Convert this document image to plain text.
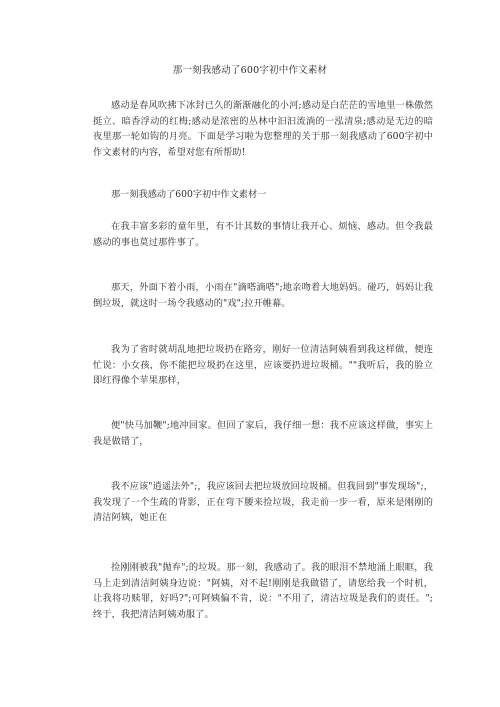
那一刻我感动了600字初中作文素材
感动是春风吹拂下冰封已久的渐渐融化的小河;感动是白茫茫的雪地里一株傲然挺立、暗香浮动的红梅;感动是浓密的丛林中汩汩流淌的一泓清泉;感动是无边的暗夜里那一轮如钩的月亮。下面是学习啦为您整理的关于那一刻我感动了600字初中作文素材的内容，希望对您有所帮助!
那一刻我感动了600字初中作文素材一
在我丰富多彩的童年里，有不计其数的事情让我开心、烦恼、感动。但令我最感动的事也莫过那件事了。
那天，外面下着小雨，小雨在"滴嗒滴嗒";地亲吻着大地妈妈。碰巧，妈妈让我倒垃圾，就这时一场令我感动的"戏";拉开帷幕。
我为了省时就胡乱地把垃圾扔在路旁，刚好一位清洁阿姨看到我这样做，便连忙说：小女孩，你不能把垃圾扔在这里，应该要扔进垃圾桶。""我听后，我的脸立即红得像个苹果那样，
便"快马加鞭";地冲回家。但回了家后，我仔细一想：我不应该这样做，事实上我是做错了，
我不应该"逍遥法外";，我应该回去把垃圾放回垃圾桶。但我回到"事发现场";，我发现了一个生疏的背影，正在弯下腰来捡垃圾，我走前一步一看，原来是刚刚的清洁阿姨，她正在
捡刚刚被我"抛弃";的垃圾。那一刻，我感动了。我的眼泪不禁地涌上眼眶，我马上走到清洁阿姨身边说："阿姨，对不起!刚刚是我做错了，请您给我一个时机，让我将功赎罪，好吗?";可阿姨偏不肯，说："不用了，清洁垃圾是我们的责任。";终于，我把清洁阿姨劝服了。
